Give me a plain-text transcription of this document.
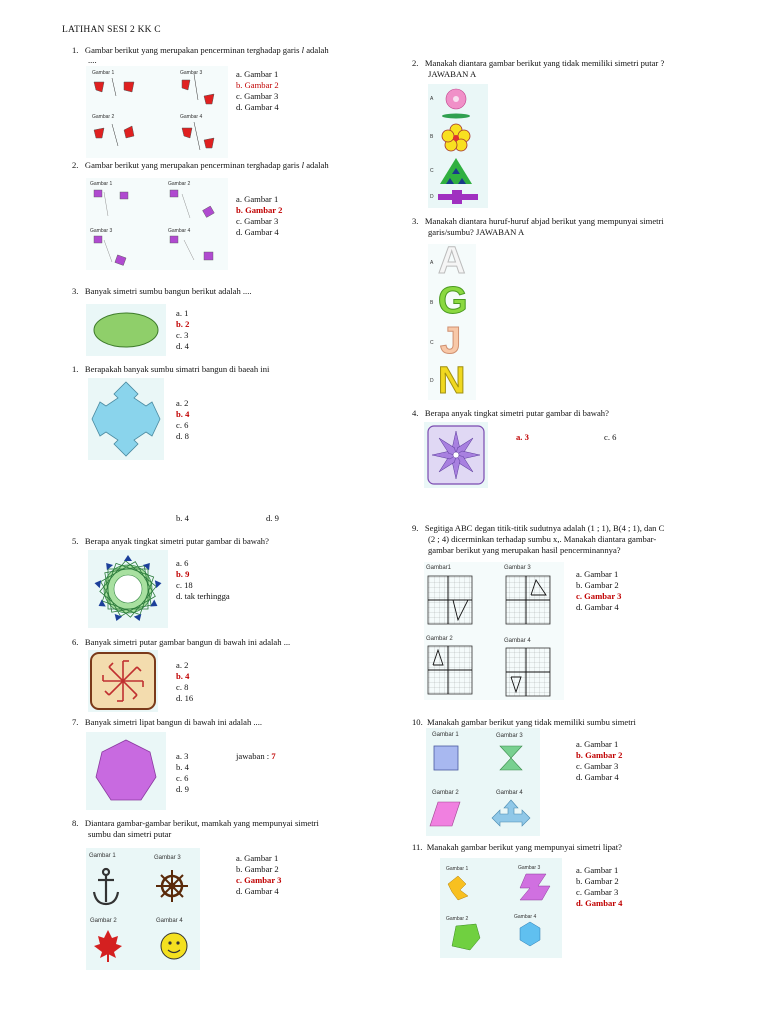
LATIHAN SESI 2 KK C
1. Gambar berikut yang merupakan pencerminan terghadap garis l adalah
....
Gambar 1	Gambar 3
Gambar 2	Gambar 4
a. Gambar 1
b. Gambar 2
c. Gambar 3
d. Gambar 4
2. Gambar berikut yang merupakan pencerminan terghadap garis l adalah
Gambar 1	Gambar 2
Gambar 3	Gambar 4
a. Gambar 1
b. Gambar 2
c. Gambar 3
d. Gambar 4
3. Banyak simetri sumbu bangun berikut adalah ....
a. 1
b. 2
c. 3
d. 4
1. Berapakah banyak sumbu simatri bangun di baeah ini
a. 2
b. 4
c. 6
d. 8
b. 4	d. 9
5. Berapa anyak tingkat simetri putar gambar di bawah?
a. 6
b. 9
c. 18
d. tak terhingga
6. Banyak simetri putar gambar bangun di bawah ini adalah ...
a. 2
b. 4
c. 8
d. 16
7. Banyak simetri lipat bangun di bawah ini adalah ....
a. 3
b. 4
c. 6
d. 9
jawaban : 7
8. Diantara gambar-gambar berikut, mamkah yang mempunyai simetri
sumbu dan simetri putar
Gambar 1	Gambar 3
Gambar 2	Gambar 4
a. Gambar 1
b. Gambar 2
c. Gambar 3
d. Gambar 4
2. Manakah diantara gambar berikut yang tidak memiliki simetri putar ?
JAWABAN A
A
B
C
D
3. Manakah diantara huruf-huruf abjad berikut yang mempunyai simetri
garis/sumbu? JAWABAN A
A
B
C
D
A
G
J
N
4. Berapa anyak tingkat simetri putar gambar di bawah?
a. 3	c. 6
9. Segitiga ABC degan titik-titik sudutnya adalah (1 ; 1), B(4 ; 1), dan C
(2 ; 4) dicerminkan terhadap sumbu x,. Manakah diantara gambar-
gambar berikut yang merupakan hasil pencerminannya?
Gambar1	Gambar 3
Gambar 2	Gambar 4
a. Gambar 1
b. Gambar 2
c. Gambar 3
d. Gambar 4
10. Manakah gambar berikut yang tidak memiliki sumbu simetri
Gambar 1	Gambar 3
Gambar 2	Gambar 4
a. Gambar 1
b. Gambar 2
c. Gambar 3
d. Gambar 4
11. Manakah gambar berikut yang mempunyai simetri lipat?
Gambar 1	Gambar 3
Gambar 2	Gambar 4
a. Gambar 1
b. Gambar 2
c. Gambar 3
d. Gambar 4
